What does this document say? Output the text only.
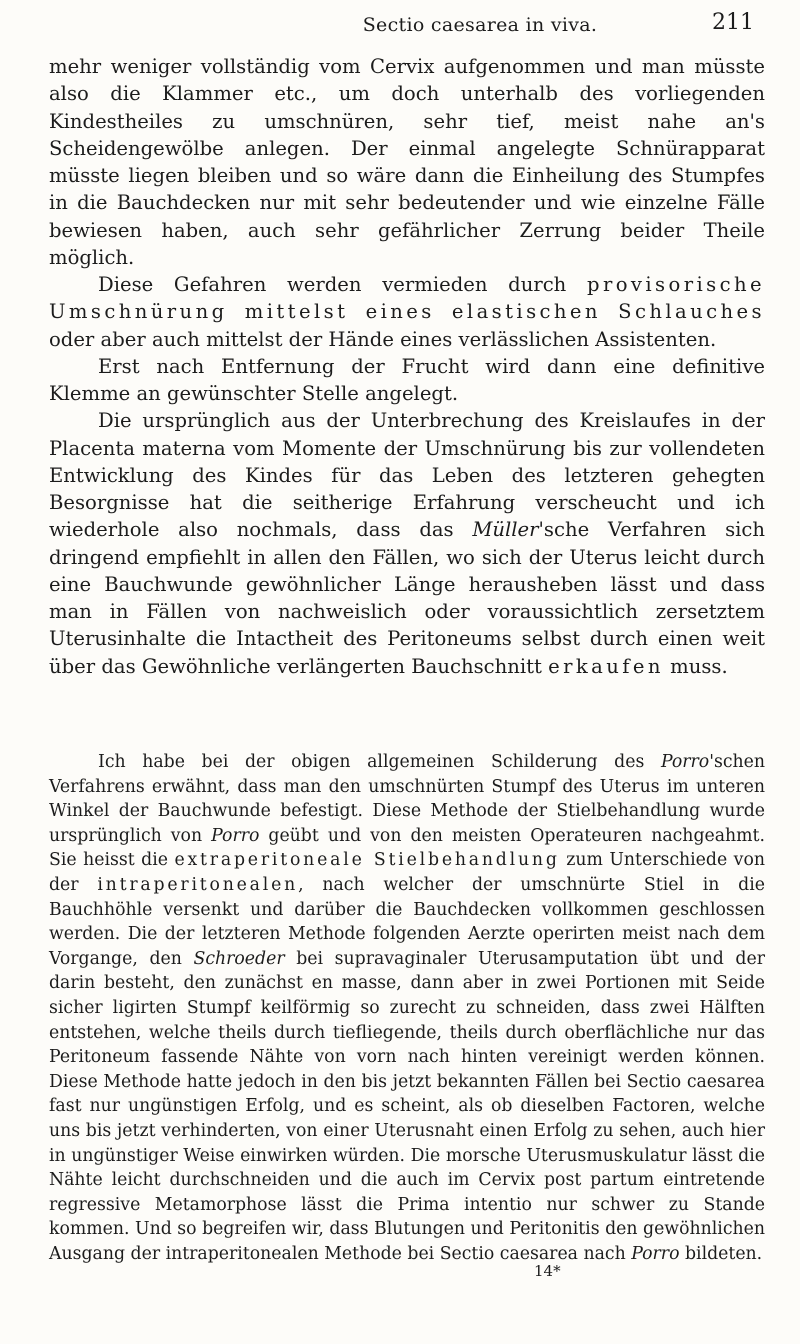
Sectio caesarea in viva.	211

mehr weniger vollständig vom Cervix aufgenommen und man müsste also die Klammer etc., um doch unterhalb des vorliegenden Kindestheiles zu umschnüren, sehr tief, meist nahe an's Scheidengewölbe anlegen. Der einmal angelegte Schnürapparat müsste liegen bleiben und so wäre dann die Einheilung des Stumpfes in die Bauchdecken nur mit sehr bedeutender und wie einzelne Fälle bewiesen haben, auch sehr gefährlicher Zerrung beider Theile möglich.

Diese Gefahren werden vermieden durch provisorische Umschnürung mittelst eines elastischen Schlauches oder aber auch mittelst der Hände eines verlässlichen Assistenten.

Erst nach Entfernung der Frucht wird dann eine definitive Klemme an gewünschter Stelle angelegt.

Die ursprünglich aus der Unterbrechung des Kreislaufes in der Placenta materna vom Momente der Umschnürung bis zur vollendeten Entwicklung des Kindes für das Leben des letzteren gehegten Besorgnisse hat die seitherige Erfahrung verscheucht und ich wiederhole also nochmals, dass das Müller'sche Verfahren sich dringend empfiehlt in allen den Fällen, wo sich der Uterus leicht durch eine Bauchwunde gewöhnlicher Länge herausheben lässt und dass man in Fällen von nachweislich oder voraussichtlich zersetztem Uterusinhalte die Intactheit des Peritoneums selbst durch einen weit über das Gewöhnliche verlängerten Bauchschnitt erkaufen muss.

Ich habe bei der obigen allgemeinen Schilderung des Porro'schen Verfahrens erwähnt, dass man den umschnürten Stumpf des Uterus im unteren Winkel der Bauchwunde befestigt. Diese Methode der Stielbehandlung wurde ursprünglich von Porro geübt und von den meisten Operateuren nachgeahmt. Sie heisst die extraperitoneale Stielbehandlung zum Unterschiede von der intraperitonealen, nach welcher der umschnürte Stiel in die Bauchhöhle versenkt und darüber die Bauchdecken vollkommen geschlossen werden. Die der letzteren Methode folgenden Aerzte operirten meist nach dem Vorgange, den Schroeder bei supravaginaler Uterusamputation übt und der darin besteht, den zunächst en masse, dann aber in zwei Portionen mit Seide sicher ligirten Stumpf keilförmig so zurecht zu schneiden, dass zwei Hälften entstehen, welche theils durch tiefliegende, theils durch oberflächliche nur das Peritoneum fassende Nähte von vorn nach hinten vereinigt werden können. Diese Methode hatte jedoch in den bis jetzt bekannten Fällen bei Sectio caesarea fast nur ungünstigen Erfolg, und es scheint, als ob dieselben Factoren, welche uns bis jetzt verhinderten, von einer Uterusnaht einen Erfolg zu sehen, auch hier in ungünstiger Weise einwirken würden. Die morsche Uterusmuskulatur lässt die Nähte leicht durchschneiden und die auch im Cervix post partum eintretende regressive Metamorphose lässt die Prima intentio nur schwer zu Stande kommen. Und so begreifen wir, dass Blutungen und Peritonitis den gewöhnlichen Ausgang der intraperitonealen Methode bei Sectio caesarea nach Porro bildeten.

14*
